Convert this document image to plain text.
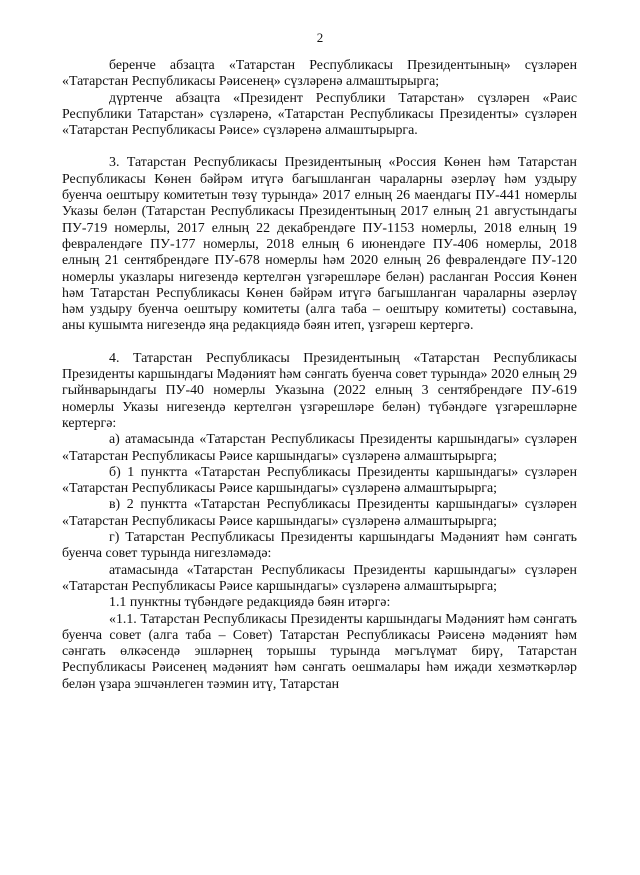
2

беренче абзацта «Татарстан Республикасы Президентының» сүзләрен «Татарстан Республикасы Рәисенең» сүзләренә алмаштырырга;

дүртенче абзацта «Президент Республики Татарстан» сүзләрен «Раис Республики Татарстан» сүзләренә, «Татарстан Республикасы Президенты» сүзләрен «Татарстан Республикасы Рәисе» сүзләренә алмаштырырга.

3. Татарстан Республикасы Президентының «Россия Көнен һәм Татарстан Республикасы Көнен бәйрәм итүгә багышланган чараларны әзерләү һәм уздыру буенча оештыру комитетын төзү турында» 2017 елның 26 маендагы ПУ-441 номерлы Указы белән (Татарстан Республикасы Президентының 2017 елның 21 августындагы ПУ-719 номерлы, 2017 елның 22 декабрендәге ПУ-1153 номерлы, 2018 елның 19 февралендәге ПУ-177 номерлы, 2018 елның 6 июнендәге ПУ-406 номерлы, 2018 елның 21 сентябрендәге ПУ-678 номерлы һәм 2020 елның 26 февралендәге ПУ-120 номерлы указлары нигезендә кертелгән үзгәрешләре белән) расланган Россия Көнен һәм Татарстан Республикасы Көнен бәйрәм итүгә багышланган чараларны әзерләү һәм уздыру буенча оештыру комитеты (алга таба – оештыру комитеты) составына, аны кушымта нигезендә яңа редакциядә бәян итеп, үзгәреш кертергә.

4. Татарстан Республикасы Президентының «Татарстан Республикасы Президенты каршындагы Мәдәният һәм сәнгать буенча совет турында» 2020 елның 29 гыйнварындагы ПУ-40 номерлы Указына (2022 елның 3 сентябрендәге ПУ-619 номерлы Указы нигезендә кертелгән үзгәрешләре белән) түбәндәге үзгәрешләрне кертергә:

а) атамасында «Татарстан Республикасы Президенты каршындагы» сүзләрен «Татарстан Республикасы Рәисе каршындагы» сүзләренә алмаштырырга;

б) 1 пунктта «Татарстан Республикасы Президенты каршындагы» сүзләрен «Татарстан Республикасы Рәисе каршындагы» сүзләренә алмаштырырга;

в) 2 пунктта «Татарстан Республикасы Президенты каршындагы» сүзләрен «Татарстан Республикасы Рәисе каршындагы» сүзләренә алмаштырырга;

г) Татарстан Республикасы Президенты каршындагы Мәдәният һәм сәнгать буенча совет турында нигезләмәдә:

атамасында «Татарстан Республикасы Президенты каршындагы» сүзләрен «Татарстан Республикасы Рәисе каршындагы» сүзләренә алмаштырырга;

1.1 пунктны түбәндәге редакциядә бәян итәргә:

«1.1. Татарстан Республикасы Президенты каршындагы Мәдәният һәм сәнгать буенча совет (алга таба – Совет) Татарстан Республикасы Рәисенә мәдәният һәм сәнгать өлкәсендә эшләрнең торышы турында мәгълүмат бирү, Татарстан Республикасы Рәисенең мәдәният һәм сәнгать оешмалары һәм иҗади хезмәткәрләр белән үзара эшчәнлеген тәэмин итү, Татарстан
